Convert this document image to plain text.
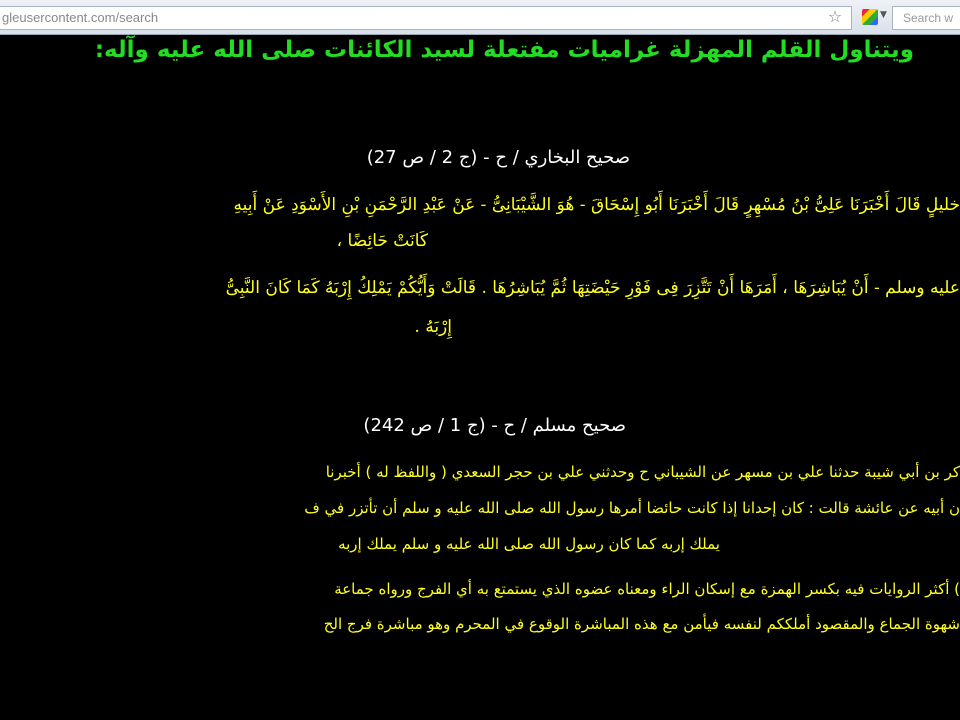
gleusercontent.com/search	☆	▼	Search w
ويتناول القلم المهزلة غراميات مفتعلة لسيد الكائنات صلى الله عليه وآله:
صحيح البخاري / ح - (ج 2 / ص 27)
خليلٍ قَالَ أَخْبَرَنَا عَلِىُّ بْنُ مُسْهِرٍ قَالَ أَخْبَرَنَا أَبُو إِسْحَاقَ - هُوَ الشَّيْبَانِىُّ - عَنْ عَبْدِ الرَّحْمَنِ بْنِ الأَسْوَدِ عَنْ أَبِيهِ
كَانَتْ حَائِضًا ،
عليه وسلم - أَنْ يُبَاشِرَهَا ، أَمَرَهَا أَنْ تَتَّزِرَ فِى فَوْرِ حَيْضَتِهَا ثُمَّ يُبَاشِرُهَا . قَالَتْ وَأَيُّكُمْ يَمْلِكُ إِرْبَهُ كَمَا كَانَ النَّبِىُّ
إِرْبَهُ .
صحيح مسلم / ح - (ج 1 / ص 242)
كر بن أبي شيبة حدثنا علي بن مسهر عن الشيباني ح وحدثني علي بن حجر السعدي ( واللفظ له ) أخبرنا
ن أبيه عن عائشة قالت : كان إحدانا إذا كانت حائضا أمرها رسول الله صلى الله عليه و سلم أن تأتزر في ف
يملك إربه كما كان رسول الله صلى الله عليه و سلم يملك إربه
) أكثر الروايات فيه بكسر الهمزة مع إسكان الراء ومعناه عضوه الذي يستمتع به أي الفرج ورواه جماعة
شهوة الجماع والمقصود أملككم لنفسه فيأمن مع هذه المباشرة الوقوع في المحرم وهو مباشرة فرج الح
